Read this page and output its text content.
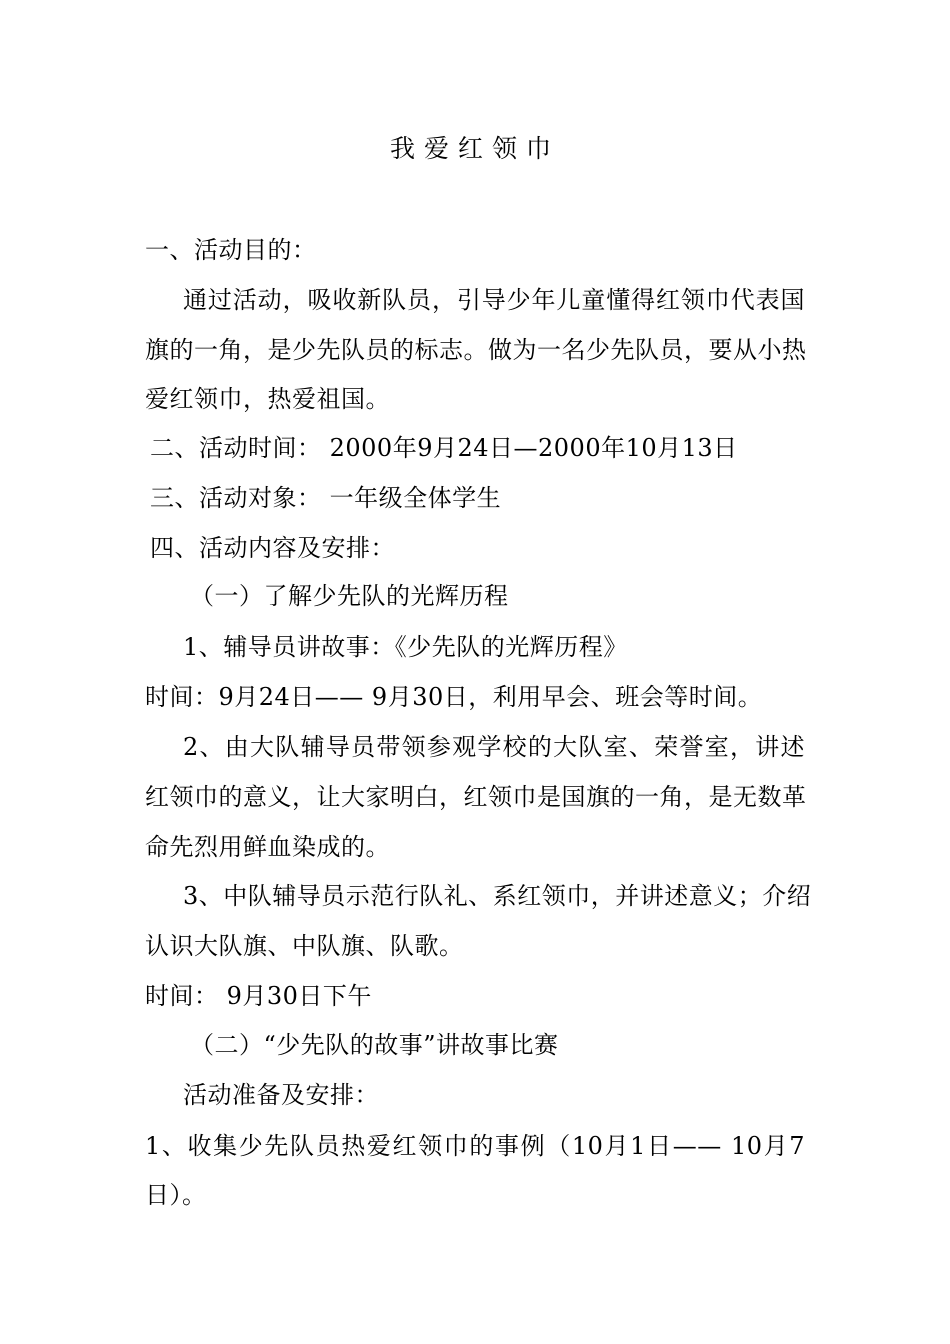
我爱红领巾
一、活动目的：
通过活动，吸收新队员，引导少年儿童懂得红领巾代表国
旗的一角，是少先队员的标志。做为一名少先队员，要从小热
爱红领巾，热爱祖国。
二、活动时间： 2000年9月24日—2000年10月13日
三、活动对象： 一年级全体学生
四、活动内容及安排：
（一）了解少先队的光辉历程
1、辅导员讲故事：《少先队的光辉历程》
时间：9月24日—— 9月30日，利用早会、班会等时间。
2、由大队辅导员带领参观学校的大队室、荣誉室，讲述
红领巾的意义，让大家明白，红领巾是国旗的一角，是无数革
命先烈用鲜血染成的。
3、中队辅导员示范行队礼、系红领巾，并讲述意义；介绍
认识大队旗、中队旗、队歌。
时间： 9月30日下午
（二）“少先队的故事”讲故事比赛
活动准备及安排：
1、收集少先队员热爱红领巾的事例（10月1日—— 10月7
日）。
